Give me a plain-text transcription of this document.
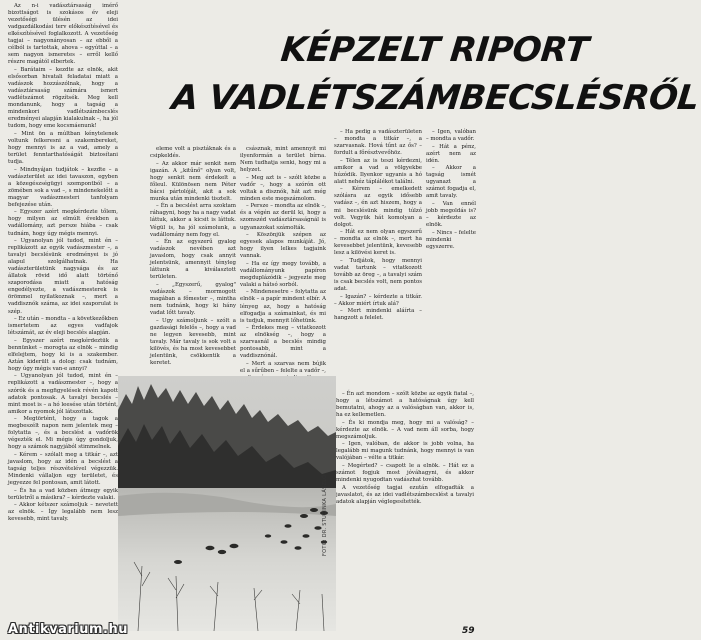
Az n-i vadásztársaság imérő bizottságot is szokásos év eleji vezetőségi ülésén az idei vadgazdálkodási terv előkészítésével és elkészítésével foglalkozott. A vezetőség tagjai – nagyonányosan – az ebből a célból is tartottak, ahova – egyúttal – a sem nagyon ismeretes – erről kellő részre magától elbertek.

– Barátaim – kezdte az elnök, akit elsősorban hivatali feladatai miatt a vadászok hozzászólnak, hogy a vadásztársaság számára ismert vadlétszámot rögzítsék. Meg kell mondanunk, hogy a tagság a mindenkori vadlétszámbecslés eredményei alapján kialakulnak –, ha jól tudom, hogy eme kocsmáenunk!

– Mint ön a múltban kénytelenek voltunk felkeresni a szakembereket, hogy mennyi is az a vad, amely a terület fenntarthatóságát biztosítani tudja.

– Mindnyájan tudjátok – kezdte – a vadászterület az idei tavaszon, egyben a közegészségügyi szempontból – a zömében sok a vad –, s mindenekelőtt a magyar vadászmesteri tanfolyam befejezése után.

– Egyszer azért megkérdezte tőlem, hogy milyen az elmúlt években a vadállomány, azt persze hiába – csak tudnám, hogy úgy mégis mennyi.

– Ugyanolyan jól tudod, mint én – replikázott az egyik vadászmester –, a tavalyi becslésünk eredményei is jó alapul szolgálhatnak. Ha vadászterületünk nagysága és az állatok rövid idő alatt történő szaporodása miatt a hatóság engedélyezte, a vadászmesterek is örömmel nyilatkoznak –, mert a vaddisznók száma, az idei szaporulat is szép.

– Ez után – mondta – a következőkben ismertetem az egyes vadfajok létszámát, az év eleji becslés alapján.

– Egyszer azért megkérdeztük a bennünket – morogta az elnök – mindig elfelejtem, hogy ki is a szakember. Aztán kiderült a dolog: csak tudnám, hogy úgy mégis van-e annyi?

– Ugyanolyan jól tudod, mint én – replikázott a vadászmester –, hogy a szórók és a megfigyelések révén kapott adatok pontosak. A tavalyi becslés – mint most is – a hó leesése után történt, amikor a nyomok jól látszottak.

– Megtörtént, hogy a tagok a megbeszélt napon nem jelentek meg – folytatta –, és a becslést a vadőrök végezték el. Mi mégis úgy gondoljuk, hogy a számok nagyjából stimmelnek.

– Kérem – szólalt meg a titkár –, azt javaslom, hogy az idén a becslést a tagság teljes részvételével végezzük. Mindenki vállaljon egy területet, és jegyezze fel pontosan, amit látott.

– És ha a vad közben átmegy egyik területről a másikra? – kérdezte valaki.

– Akkor kétszer számoljuk – nevetett az elnök. – Így legalább nem lesz kevesebb, mint tavaly.

KÉPZELT RIPORT
A VADLÉTSZÁMBECSLÉSRŐL

eleme volt a pisztáknak és a csipkeldés.

– Az akkor már senkit nem igazán. A „kitűnő" olyan volt, hogy senkit nem érdekelt a főleul. Különösen nem Péter bácsi pártolóját, akit a sok munka után mindenki tisztelt.

– Én a becslést arra szoktam ráhagyni, hogy ha a nagy vadat láttuk, akkor a kicsit is láttuk. Végül is, ha jól számolunk, a vadállomány nem fogy el.

– Én az egyszerű gyalog vadászok nevében azt javaslom, hogy csak annyit jelentsünk, amennyit tényleg láttunk a kiválasztott területen.

– „Egyszerű, gyalog" vadászok – mormogott magában a főmester –, mintha nem tudnánk, hogy ki hány vadat lőtt tavaly.

– Ugy számoljunk – szólt a gazdasági felelős –, hogy a vad ne legyen kevesebb, mint tavaly. Már tavaly is sok volt a kilövés, és ha most kevesebbet jelentünk, csökkentik a keretet.

császnak, mint amennyit mi ilyenformán a terület bírna. Nem tudhatja senki, hogy mi a helyzet.

– Meg azt is – szólt közbe a vadőr –, hogy a szórón ott voltak a disznók, hát azt még minden este megszámolom.

– Persze – mondta az elnök –, és a végén az derül ki, hogy a szomszéd vadásztársaságnál is ugyanazokat számolták.

– Köszönjük szépen az egyesek alapos munkáját. Jó, hogy ilyen lelkes tagjaink vannak.

– Ha ez így megy tovább, a vadállományunk papíron megduplázódik – jegyezte meg valaki a hátsó sorból.

– Mindenesetre – folytatta az elnök – a papír mindent elbír. A lényeg az, hogy a hatóság elfogadja a számainkat, és mi is tudjuk, mennyit lőhetünk.

– Érdekes meg – vitatkozott az elnökség –, hogy a szarvasnál a becslés mindig pontosabb, mint a vaddisznónál.

– Mert a szarvas nem bújik el a sűrűben – felelte a vadőr –,

– Ha pedig a vadászterületen – mondta a titkár –, a szarvasnak. Hová tűnt az ős? – fordult a főrésztvevőhöz.

– Télen az is teszi kérdezni, amikor a vad a völgyekbe húzódik. Ilyenkor ugyanis a hó alatt nehéz táplálékot találni.

– Kérem – emelkedett szólásra az egyik idősebb vadász –, én azt hiszem, hogy a mi becslésünk mindig túlzó volt. Vegyük hát komolyan a dolgot.

– Hát ez nem olyan egyszerű – mondta az elnök –, mert ha kevesebbet jelentünk, kevesebb lesz a kilövési keret is.

– Tudjátok, hogy mennyi vadat tartunk – vitatkozott tovább az öreg –, a tavalyi szám is csak becslés volt, nem pontos adat.

– Igazán? – kérdezte a titkár. – Akkor miért írtuk alá?

– Mert mindenki aláírta – hangzott a felelet.

– Igen, valóban – mondta a vadőr.

– Hát a pénz, azért nem az idén.

– Akkor a tagság ismét ugyanazt a számot fogadja el, amit tavaly.

– Van ennél jobb megoldás is? – kérdezte az elnök.

– Nincs – felelte mindenki egyszerre.

– Én azt mondom – szólt közbe az egyik fiatal –, hogy a létszámot a hatóságnak úgy kell bemutatni, ahogy az a valóságban van, akkor is, ha ez kellemetlen.

– És ki mondja meg, hogy mi a valóság? – kérdezte az elnök. – A vad nem áll sorba, hogy megszámoljuk.

– Igen, valóban, de akkor is jobb volna, ha legalább mi magunk tudnánk, hogy mennyi is van valójában – vélte a titkár.

– Megérted? – csapott le a elnök. – Hát ez a számot fogjuk most jóváhagyni, és akkor mindenki nyugodtan vadászhat tovább.

A vezetőség tagjai ezután elfogadták a javaslatot, és az idei vadlétszámbecslést a tavalyi adatok alapján véglegesítették.

FOTÓ: DR. STUDINKA LÁSZLÓ
59
Antikvarium.hu
